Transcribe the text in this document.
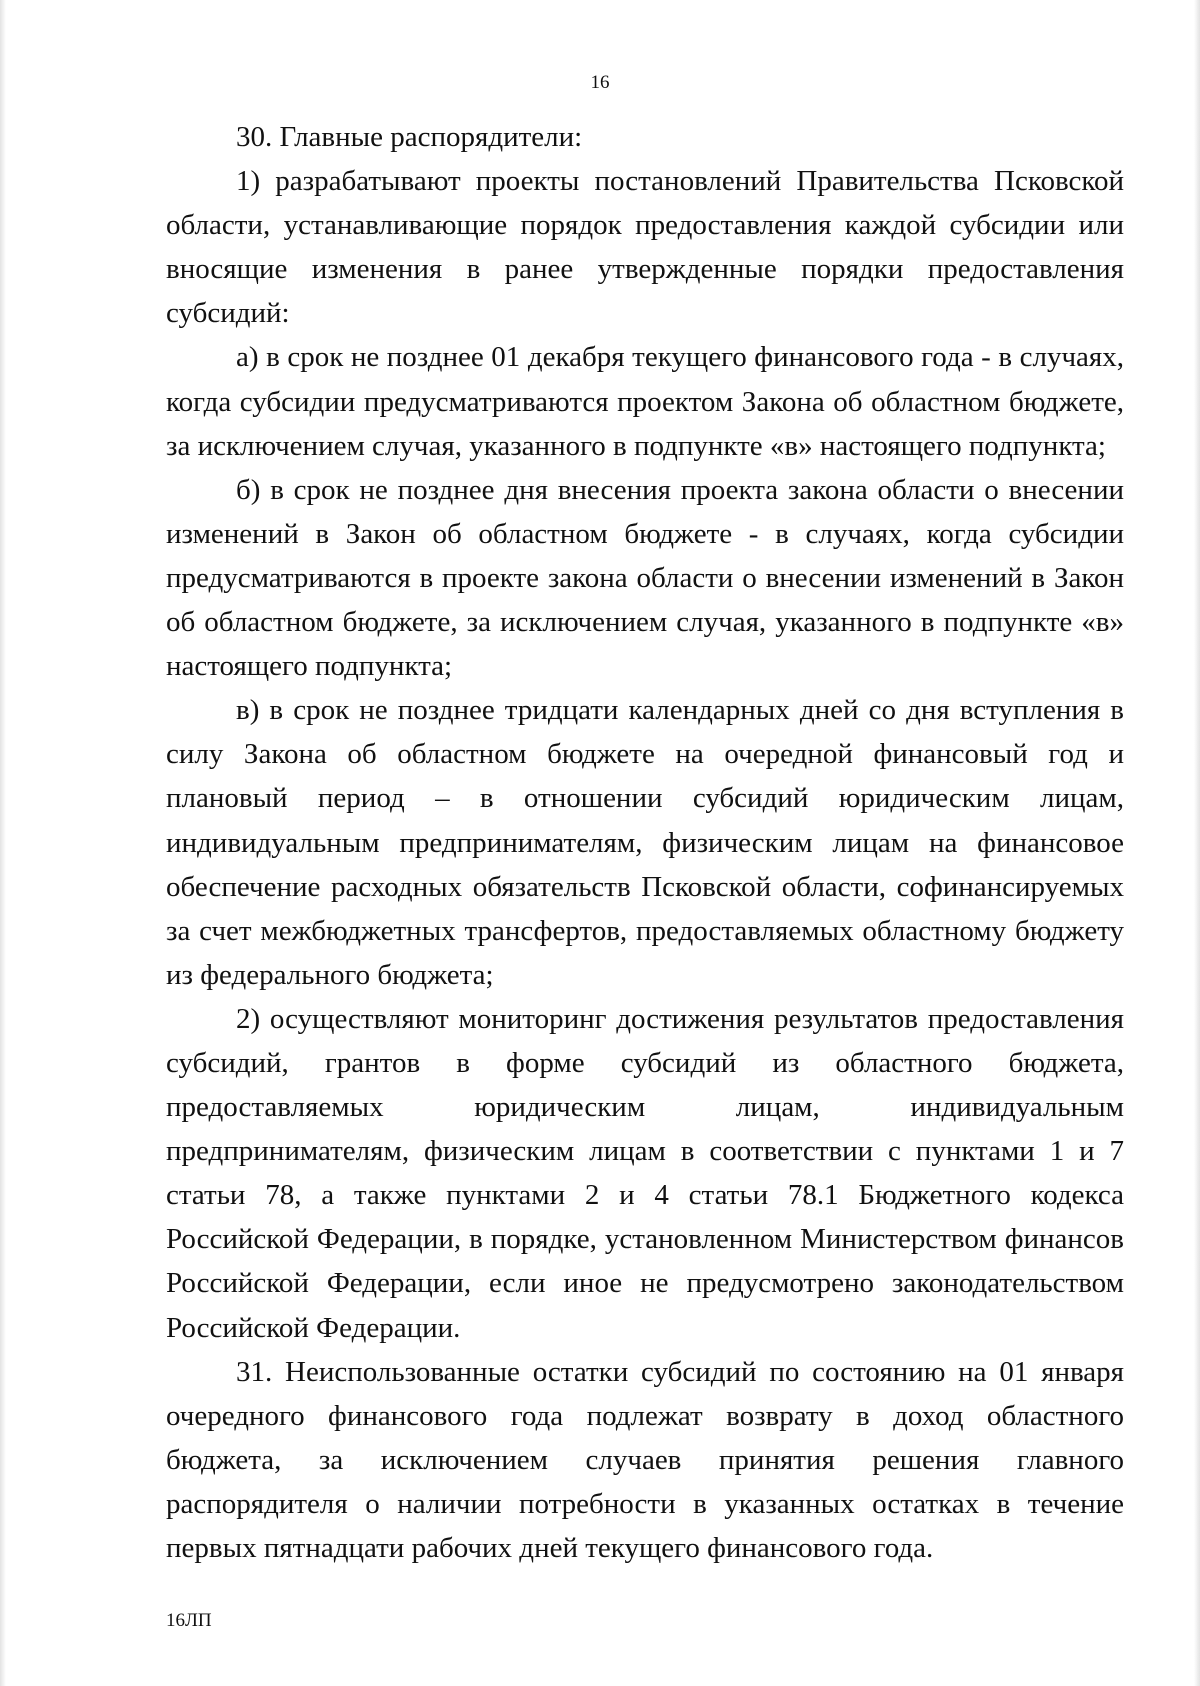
16

30. Главные распорядители:

1) разрабатывают проекты постановлений Правительства Псковской области, устанавливающие порядок предоставления каждой субсидии или вносящие изменения в ранее утвержденные порядки предоставления субсидий:

а) в срок не позднее 01 декабря текущего финансового года - в случаях, когда субсидии предусматриваются проектом Закона об областном бюджете, за исключением случая, указанного в подпункте «в» настоящего подпункта;

б) в срок не позднее дня внесения проекта закона области о внесении изменений в Закон об областном бюджете - в случаях, когда субсидии предусматриваются в проекте закона области о внесении изменений в Закон об областном бюджете, за исключением случая, указанного в подпункте «в» настоящего подпункта;

в) в срок не позднее тридцати календарных дней со дня вступления в силу Закона об областном бюджете на очередной финансовый год и плановый период – в отношении субсидий юридическим лицам, индивидуальным предпринимателям, физическим лицам на финансовое обеспечение расходных обязательств Псковской области, софинансируемых за счет межбюджетных трансфертов, предоставляемых областному бюджету из федерального бюджета;

2) осуществляют мониторинг достижения результатов предоставления субсидий, грантов в форме субсидий из областного бюджета, предоставляемых юридическим лицам, индивидуальным предпринимателям, физическим лицам в соответствии с пунктами 1 и 7 статьи 78, а также пунктами 2 и 4 статьи 78.1 Бюджетного кодекса Российской Федерации, в порядке, установленном Министерством финансов Российской Федерации, если иное не предусмотрено законодательством Российской Федерации.

31. Неиспользованные остатки субсидий по состоянию на 01 января очередного финансового года подлежат возврату в доход областного бюджета, за исключением случаев принятия решения главного распорядителя о наличии потребности в указанных остатках в течение первых пятнадцати рабочих дней текущего финансового года.

16ЛП
